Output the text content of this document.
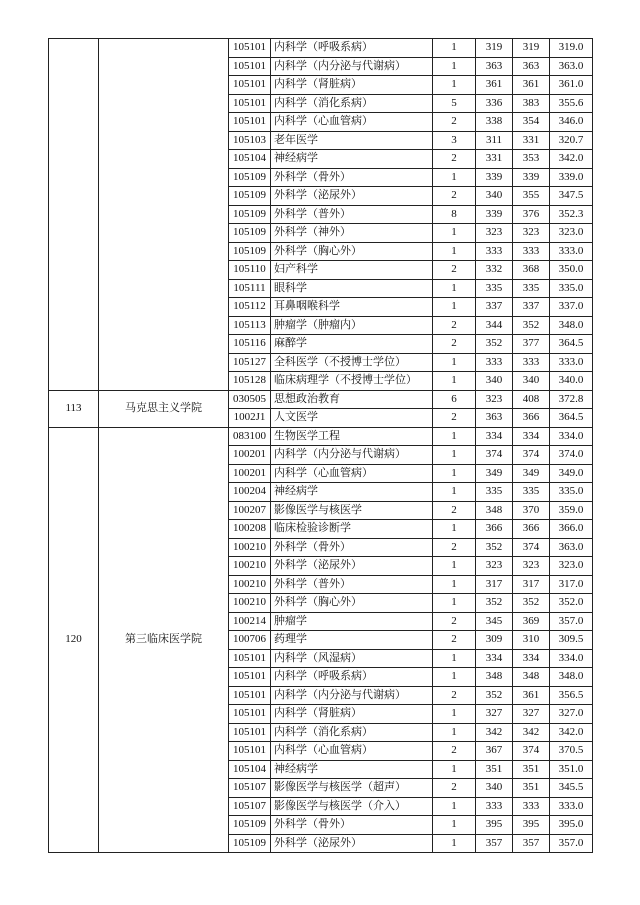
		105101	内科学（呼吸系病）	1	319	319	319.0
		105101	内科学（内分泌与代谢病）	1	363	363	363.0
		105101	内科学（肾脏病）	1	361	361	361.0
		105101	内科学（消化系病）	5	336	383	355.6
		105101	内科学（心血管病）	2	338	354	346.0
		105103	老年医学	3	311	331	320.7
		105104	神经病学	2	331	353	342.0
		105109	外科学（骨外）	1	339	339	339.0
		105109	外科学（泌尿外）	2	340	355	347.5
		105109	外科学（普外）	8	339	376	352.3
		105109	外科学（神外）	1	323	323	323.0
		105109	外科学（胸心外）	1	333	333	333.0
		105110	妇产科学	2	332	368	350.0
		105111	眼科学	1	335	335	335.0
		105112	耳鼻咽喉科学	1	337	337	337.0
		105113	肿瘤学（肿瘤内）	2	344	352	348.0
		105116	麻醉学	2	352	377	364.5
		105127	全科医学（不授博士学位）	1	333	333	333.0
		105128	临床病理学（不授博士学位）	1	340	340	340.0
113	马克思主义学院	030505	思想政治教育	6	323	408	372.8
		1002J1	人文医学	2	363	366	364.5
120	第三临床医学院	083100	生物医学工程	1	334	334	334.0
		100201	内科学（内分泌与代谢病）	1	374	374	374.0
		100201	内科学（心血管病）	1	349	349	349.0
		100204	神经病学	1	335	335	335.0
		100207	影像医学与核医学	2	348	370	359.0
		100208	临床检验诊断学	1	366	366	366.0
		100210	外科学（骨外）	2	352	374	363.0
		100210	外科学（泌尿外）	1	323	323	323.0
		100210	外科学（普外）	1	317	317	317.0
		100210	外科学（胸心外）	1	352	352	352.0
		100214	肿瘤学	2	345	369	357.0
		100706	药理学	2	309	310	309.5
		105101	内科学（风湿病）	1	334	334	334.0
		105101	内科学（呼吸系病）	1	348	348	348.0
		105101	内科学（内分泌与代谢病）	2	352	361	356.5
		105101	内科学（肾脏病）	1	327	327	327.0
		105101	内科学（消化系病）	1	342	342	342.0
		105101	内科学（心血管病）	2	367	374	370.5
		105104	神经病学	1	351	351	351.0
		105107	影像医学与核医学（超声）	2	340	351	345.5
		105107	影像医学与核医学（介入）	1	333	333	333.0
		105109	外科学（骨外）	1	395	395	395.0
		105109	外科学（泌尿外）	1	357	357	357.0
